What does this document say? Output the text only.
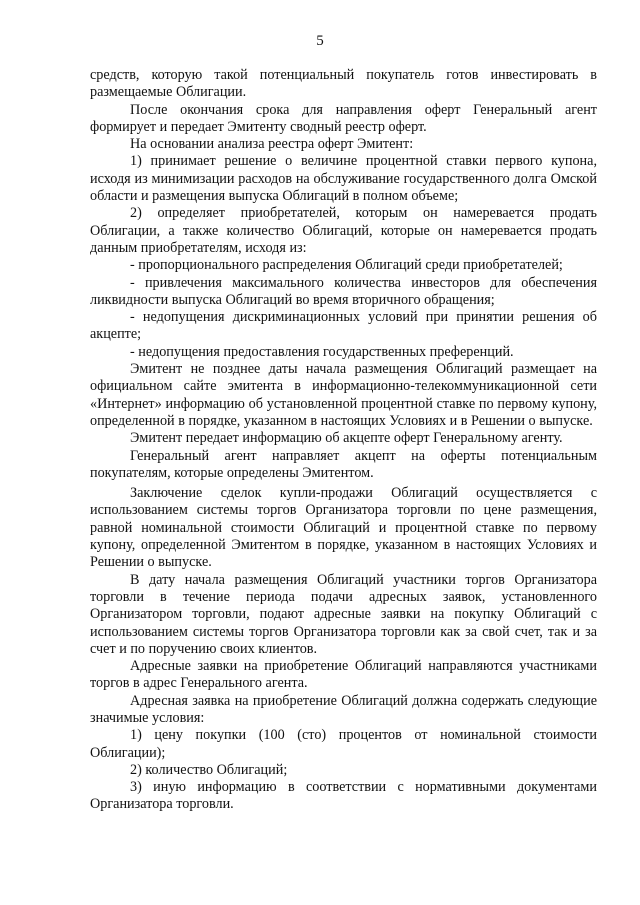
5

средств, которую такой потенциальный покупатель готов инвестировать в размещаемые Облигации.

После окончания срока для направления оферт Генеральный агент формирует и передает Эмитенту сводный реестр оферт.

На основании анализа реестра оферт Эмитент:

1) принимает решение о величине процентной ставки первого купона, исходя из минимизации расходов на обслуживание государственного долга Омской области и размещения выпуска Облигаций в полном объеме;

2) определяет приобретателей, которым он намеревается продать Облигации, а также количество Облигаций, которые он намеревается продать данным приобретателям, исходя из:

- пропорционального распределения Облигаций среди приобретателей;

- привлечения максимального количества инвесторов для обеспечения ликвидности выпуска Облигаций во время вторичного обращения;

- недопущения дискриминационных условий при принятии решения об акцепте;

- недопущения предоставления государственных преференций.

Эмитент не позднее даты начала размещения Облигаций размещает на официальном сайте эмитента в информационно-телекоммуникационной сети «Интернет» информацию об установленной процентной ставке по первому купону, определенной в порядке, указанном в настоящих Условиях и в Решении о выпуске.

Эмитент передает информацию об акцепте оферт Генеральному агенту.

Генеральный агент направляет акцепт на оферты потенциальным покупателям, которые определены Эмитентом.

Заключение сделок купли-продажи Облигаций осуществляется с использованием системы торгов Организатора торговли по цене размещения, равной номинальной стоимости Облигаций и процентной ставке по первому купону, определенной Эмитентом в порядке, указанном в настоящих Условиях и Решении о выпуске.

В дату начала размещения Облигаций участники торгов Организатора торговли в течение периода подачи адресных заявок, установленного Организатором торговли, подают адресные заявки на покупку Облигаций с использованием системы торгов Организатора торговли как за свой счет, так и за счет и по поручению своих клиентов.

Адресные заявки на приобретение Облигаций направляются участниками торгов в адрес Генерального агента.

Адресная заявка на приобретение Облигаций должна содержать следующие значимые условия:

1) цену покупки (100 (сто) процентов от номинальной стоимости Облигации);

2) количество Облигаций;

3) иную информацию в соответствии с нормативными документами Организатора торговли.
